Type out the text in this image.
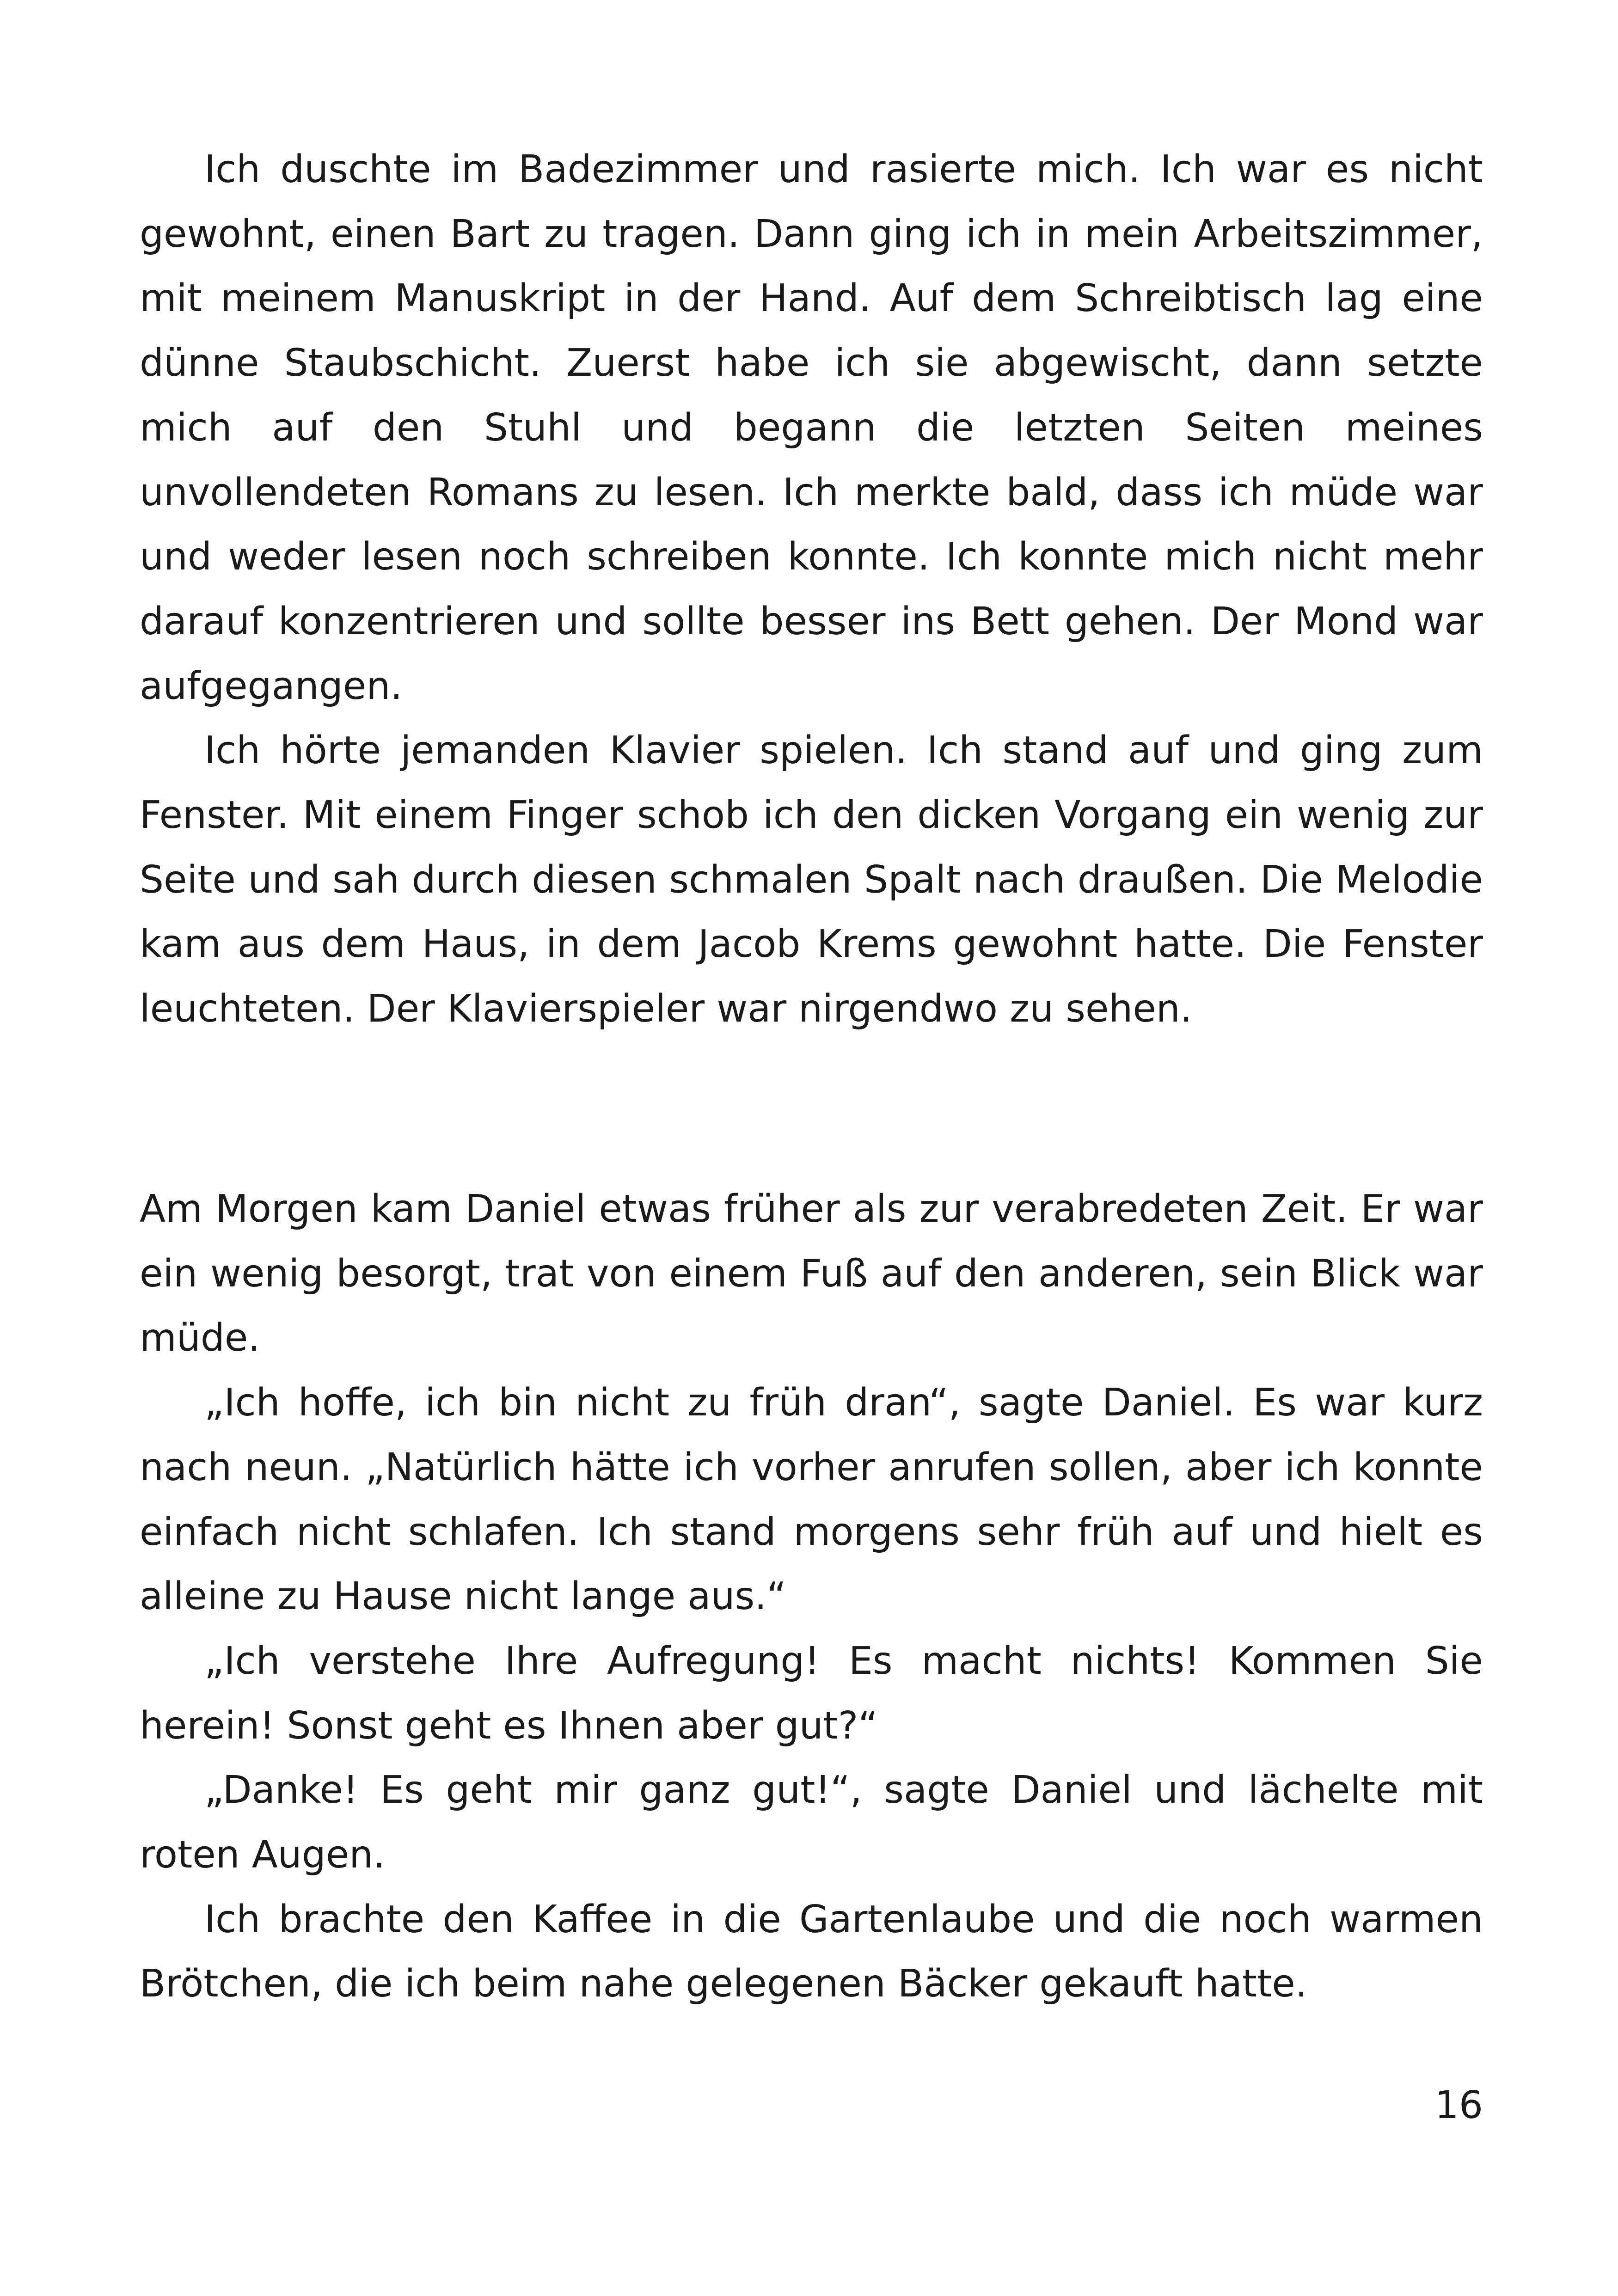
Ich duschte im Badezimmer und rasierte mich. Ich war es nicht gewohnt, einen Bart zu tragen. Dann ging ich in mein Arbeitszimmer, mit meinem Manuskript in der Hand. Auf dem Schreibtisch lag eine dünne Staubschicht. Zuerst habe ich sie abgewischt, dann setzte mich auf den Stuhl und begann die letzten Seiten meines unvollendeten Romans zu lesen. Ich merkte bald, dass ich müde war und weder lesen noch schreiben konnte. Ich konnte mich nicht mehr darauf konzentrieren und sollte besser ins Bett gehen. Der Mond war aufgegangen.

Ich hörte jemanden Klavier spielen. Ich stand auf und ging zum Fenster. Mit einem Finger schob ich den dicken Vorgang ein wenig zur Seite und sah durch diesen schmalen Spalt nach draußen. Die Melodie kam aus dem Haus, in dem Jacob Krems gewohnt hatte. Die Fenster leuchteten. Der Klavierspieler war nirgendwo zu sehen.

Am Morgen kam Daniel etwas früher als zur verabredeten Zeit. Er war ein wenig besorgt, trat von einem Fuß auf den anderen, sein Blick war müde.

„Ich hoffe, ich bin nicht zu früh dran“, sagte Daniel. Es war kurz nach neun. „Natürlich hätte ich vorher anrufen sollen, aber ich konnte einfach nicht schlafen. Ich stand morgens sehr früh auf und hielt es alleine zu Hause nicht lange aus.“

„Ich verstehe Ihre Aufregung! Es macht nichts! Kommen Sie herein! Sonst geht es Ihnen aber gut?“

„Danke! Es geht mir ganz gut!“, sagte Daniel und lächelte mit roten Augen.

Ich brachte den Kaffee in die Gartenlaube und die noch warmen Brötchen, die ich beim nahe gelegenen Bäcker gekauft hatte.

16
